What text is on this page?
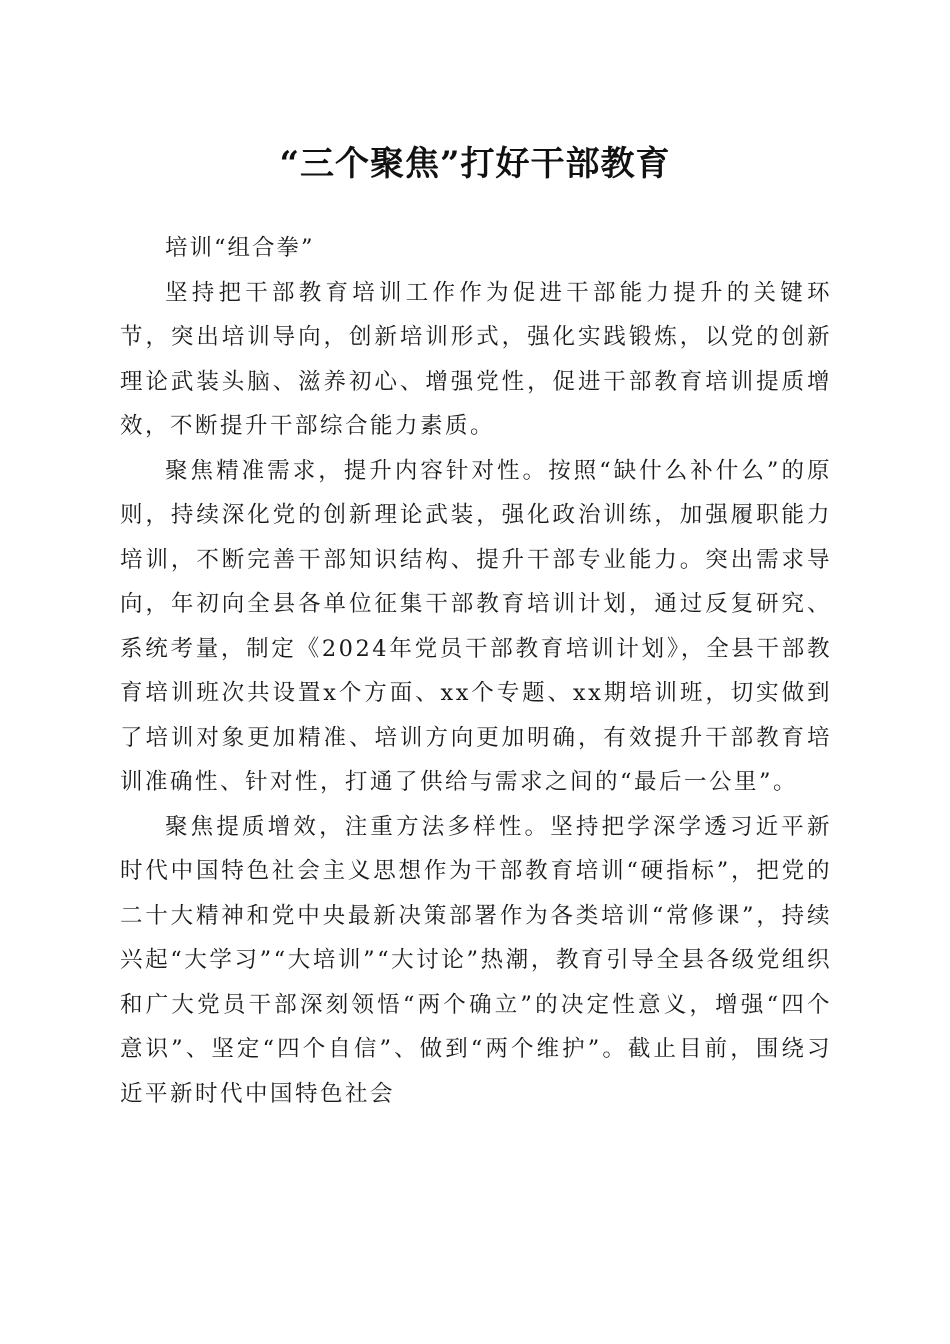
“三个聚焦”打好干部教育

培训“组合拳”

坚持把干部教育培训工作作为促进干部能力提升的关键环节，突出培训导向，创新培训形式，强化实践锻炼，以党的创新理论武装头脑、滋养初心、增强党性，促进干部教育培训提质增效，不断提升干部综合能力素质。

聚焦精准需求，提升内容针对性。按照“缺什么补什么”的原则，持续深化党的创新理论武装，强化政治训练，加强履职能力培训，不断完善干部知识结构、提升干部专业能力。突出需求导向，年初向全县各单位征集干部教育培训计划，通过反复研究、系统考量，制定《2024年党员干部教育培训计划》，全县干部教育培训班次共设置x个方面、xx个专题、xx期培训班，切实做到了培训对象更加精准、培训方向更加明确，有效提升干部教育培训准确性、针对性，打通了供给与需求之间的“最后一公里”。

聚焦提质增效，注重方法多样性。坚持把学深学透习近平新时代中国特色社会主义思想作为干部教育培训“硬指标”，把党的二十大精神和党中央最新决策部署作为各类培训“常修课”，持续兴起“大学习”“大培训”“大讨论”热潮，教育引导全县各级党组织和广大党员干部深刻领悟“两个确立”的决定性意义，增强“四个意识”、坚定“四个自信”、做到“两个维护”。截止目前，围绕习近平新时代中国特色社会
